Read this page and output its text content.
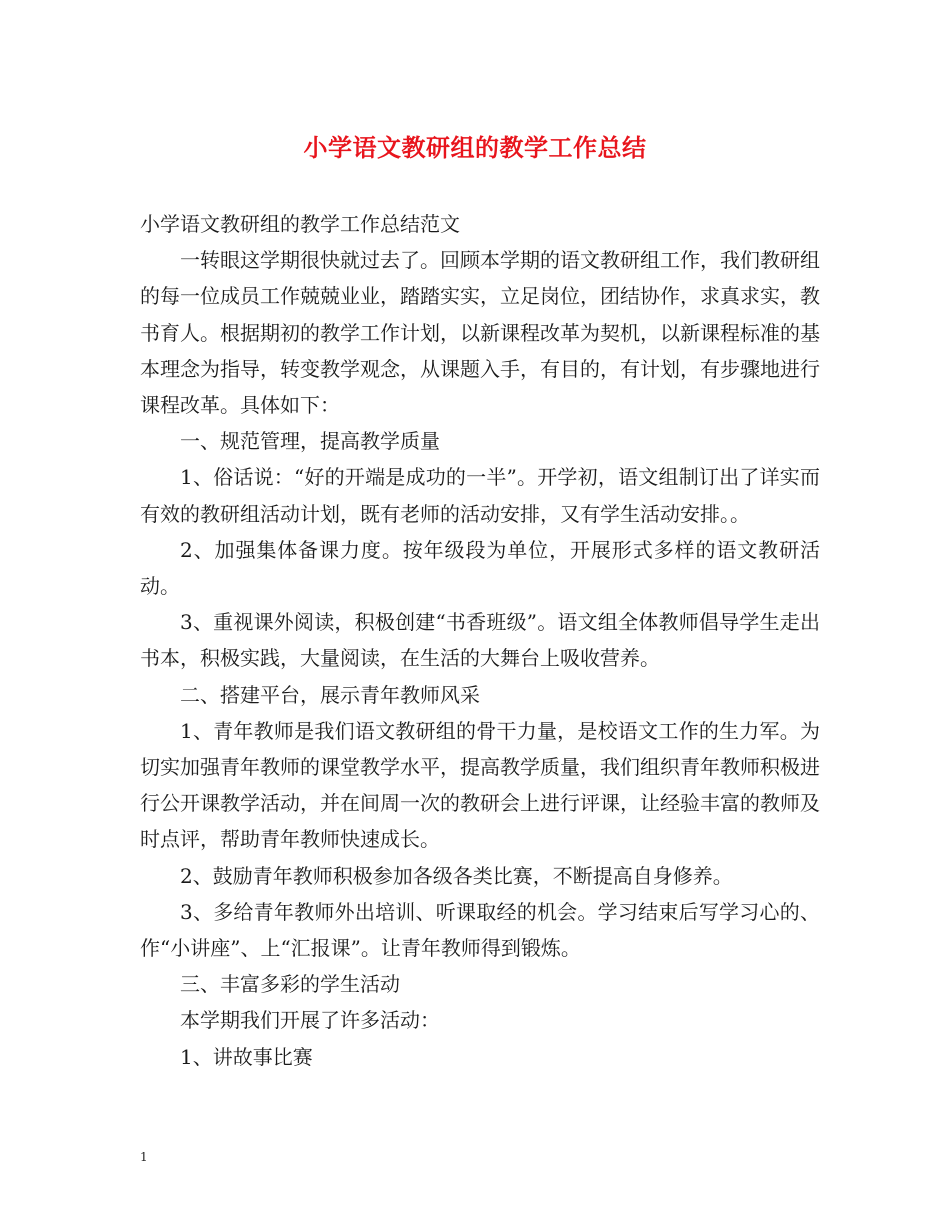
小学语文教研组的教学工作总结

小学语文教研组的教学工作总结范文

一转眼这学期很快就过去了。回顾本学期的语文教研组工作，我们教研组的每一位成员工作兢兢业业，踏踏实实，立足岗位，团结协作，求真求实，教书育人。根据期初的教学工作计划，以新课程改革为契机，以新课程标准的基本理念为指导，转变教学观念，从课题入手，有目的，有计划，有步骤地进行课程改革。具体如下：

一、规范管理，提高教学质量

1、俗话说：“好的开端是成功的一半”。开学初，语文组制订出了详实而有效的教研组活动计划，既有老师的活动安排，又有学生活动安排。。

2、加强集体备课力度。按年级段为单位，开展形式多样的语文教研活动。

3、重视课外阅读，积极创建“书香班级”。语文组全体教师倡导学生走出书本，积极实践，大量阅读，在生活的大舞台上吸收营养。

二、搭建平台，展示青年教师风采

1、青年教师是我们语文教研组的骨干力量，是校语文工作的生力军。为切实加强青年教师的课堂教学水平，提高教学质量，我们组织青年教师积极进行公开课教学活动，并在间周一次的教研会上进行评课，让经验丰富的教师及时点评，帮助青年教师快速成长。

2、鼓励青年教师积极参加各级各类比赛，不断提高自身修养。

3、多给青年教师外出培训、听课取经的机会。学习结束后写学习心的、作“小讲座”、上“汇报课”。让青年教师得到锻炼。

三、丰富多彩的学生活动

本学期我们开展了许多活动：

1、讲故事比赛

1
